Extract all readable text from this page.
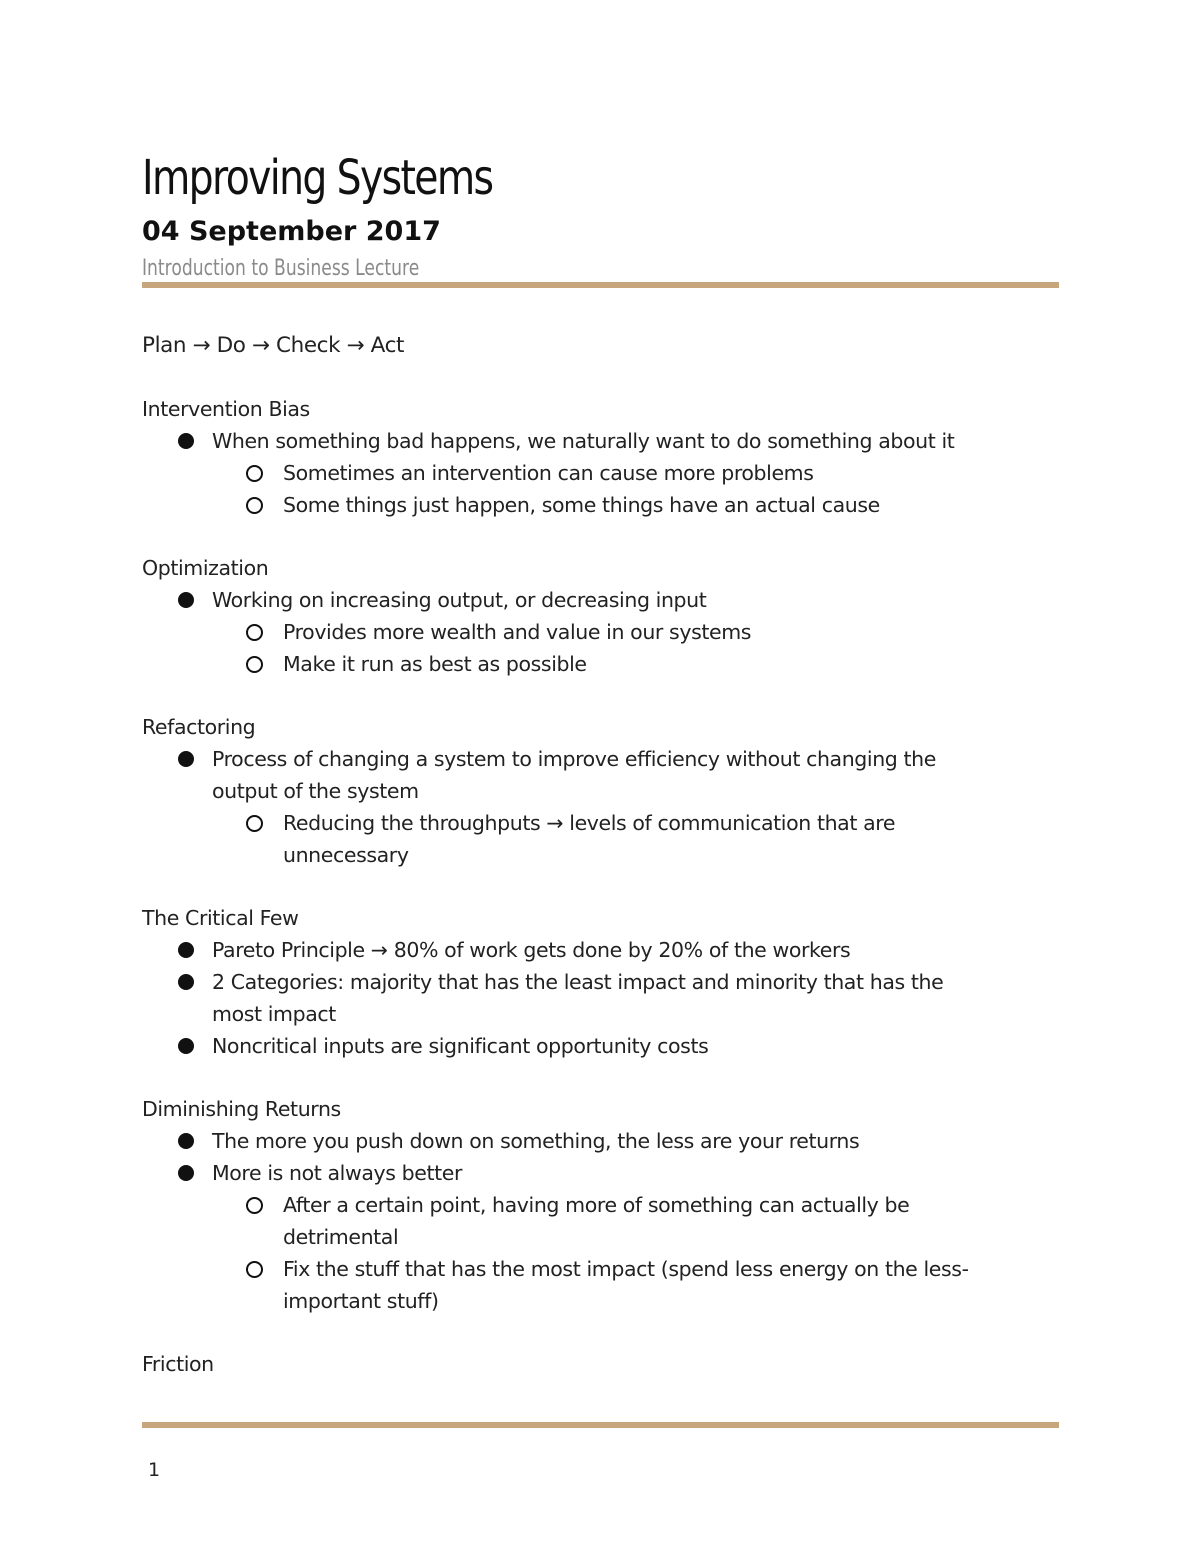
Improving Systems
04 September 2017
Introduction to Business Lecture
Plan → Do → Check → Act
Intervention Bias
When something bad happens, we naturally want to do something about it
Sometimes an intervention can cause more problems
Some things just happen, some things have an actual cause
Optimization
Working on increasing output, or decreasing input
Provides more wealth and value in our systems
Make it run as best as possible
Refactoring
Process of changing a system to improve efficiency without changing the
output of the system
Reducing the throughputs → levels of communication that are
unnecessary
The Critical Few
Pareto Principle → 80% of work gets done by 20% of the workers
2 Categories: majority that has the least impact and minority that has the
most impact
Noncritical inputs are significant opportunity costs
Diminishing Returns
The more you push down on something, the less are your returns
More is not always better
After a certain point, having more of something can actually be
detrimental
Fix the stuff that has the most impact (spend less energy on the less-
important stuff)
Friction
1
